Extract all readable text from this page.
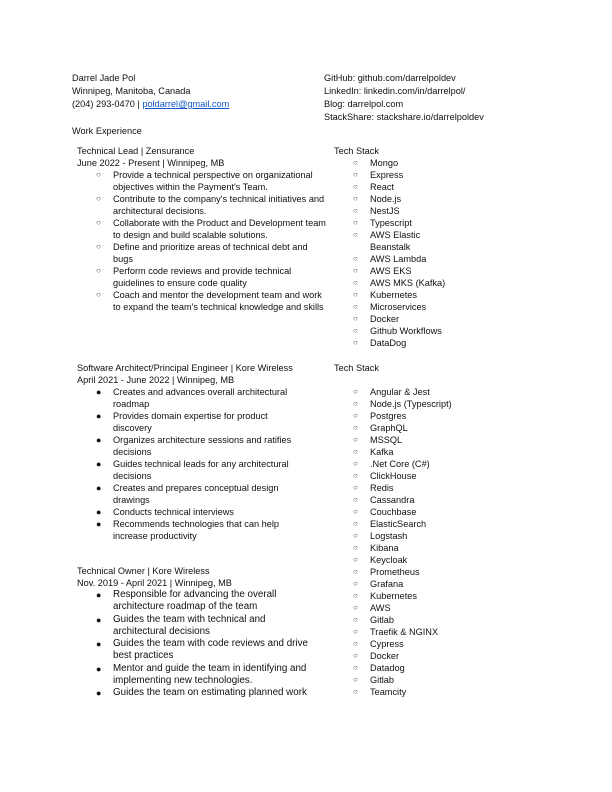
Darrel Jade Pol
Winnipeg, Manitoba, Canada
(204) 293-0470 | poldarrel@gmail.com
GitHub: github.com/darrelpoldev
LinkedIn: linkedin.com/in/darrelpol/
Blog: darrelpol.com
StackShare: stackshare.io/darrelpoldev
Work Experience
Technical Lead | Zensurance
June 2022 - Present | Winnipeg, MB
○ Provide a technical perspective on organizational objectives within the Payment's Team.
○ Contribute to the company's technical initiatives and architectural decisions.
○ Collaborate with the Product and Development team to design and build scalable solutions.
○ Define and prioritize areas of technical debt and bugs
○ Perform code reviews and provide technical guidelines to ensure code quality
○ Coach and mentor the development team and work to expand the team's technical knowledge and skills
Software Architect/Principal Engineer | Kore Wireless
April 2021 - June 2022 | Winnipeg, MB
● Creates and advances overall architectural roadmap
● Provides domain expertise for product discovery
● Organizes architecture sessions and ratifies decisions
● Guides technical leads for any architectural decisions
● Creates and prepares conceptual design drawings
● Conducts technical interviews
● Recommends technologies that can help increase productivity
Technical Owner | Kore Wireless
Nov. 2019 - April 2021 | Winnipeg, MB
● Responsible for advancing the overall architecture roadmap of the team
● Guides the team with technical and architectural decisions
● Guides the team with code reviews and drive best practices
● Mentor and guide the team in identifying and implementing new technologies.
● Guides the team on estimating planned work
Tech Stack
○ Mongo
○ Express
○ React
○ Node.js
○ NestJS
○ Typescript
○ AWS Elastic Beanstalk
○ AWS Lambda
○ AWS EKS
○ AWS MKS (Kafka)
○ Kubernetes
○ Microservices
○ Docker
○ Github Workflows
○ DataDog
Tech Stack
○ Angular & Jest
○ Node.js (Typescript)
○ Postgres
○ GraphQL
○ MSSQL
○ Kafka
○ .Net Core (C#)
○ ClickHouse
○ Redis
○ Cassandra
○ Couchbase
○ ElasticSearch
○ Logstash
○ Kibana
○ Keycloak
○ Prometheus
○ Grafana
○ Kubernetes
○ AWS
○ Gitlab
○ Traefik & NGINX
○ Cypress
○ Docker
○ Datadog
○ Gitlab
○ Teamcity
